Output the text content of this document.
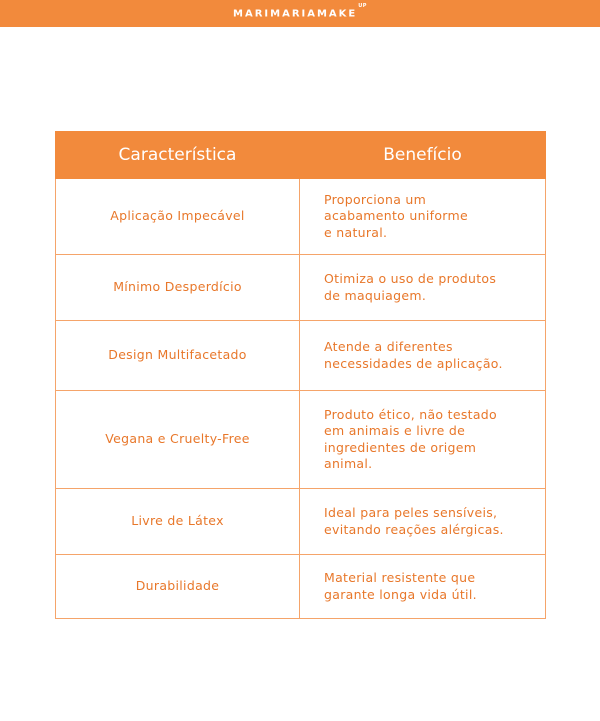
$MARIMARIAMAKE^{UP}$
Característica	Benefício
Aplicação Impecável	Proporciona um
acabamento uniforme
e natural.

Mínimo Desperdício	Otimiza o uso de produtos
de maquiagem.

Design Multifacetado	Atende a diferentes
necessidades de aplicação.

Vegana e Cruelty-Free	Produto ético, não testado
em animais e livre de
ingredientes de origem
animal.

Livre de Látex	Ideal para peles sensíveis,
evitando reações alérgicas.

Durabilidade	Material resistente que
garante longa vida útil.
